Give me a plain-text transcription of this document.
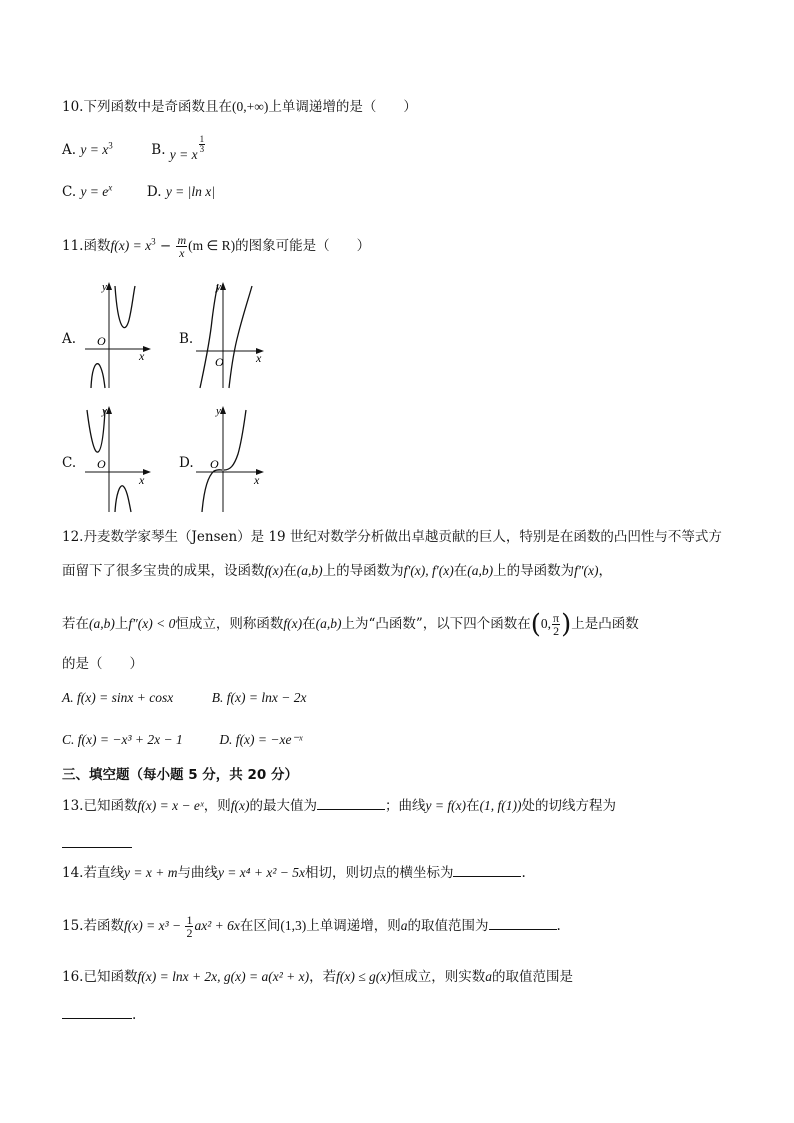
10.下列函数中是奇函数且在(0,+∞)上单调递增的是（　　）
A. $y = x^3$	B. y = x
$\frac{1}{3}$
C. $y = e^x$	D. y = |ln x|
11.函数$f(x) = x^3 - \frac{m}{x} (m$ ∈ R)的图象可能是（　　）
A.
y
x
O	B.
y
x
O
C.
y
x
O	D.
y
x
O
12.丹麦数学家琴生（Jensen）是 19 世纪对数学分析做出卓越贡献的巨人，特别是在函数的凸凹性与不等式方
面留下了很多宝贵的成果，设函数f(x)在(a,b)上的导函数为f′(x), f′(x)在(a,b)上的导函数为f″(x)，
若在(a,b)上f″(x) < 0恒成立，则称函数f(x)在(a,b)上为“凸函数”，以下四个函数在(0, $\frac{\pi}{2}$ )上是凸函数
的是（　　）
A. f(x) = sinx + cosx	B. f(x) = lnx − 2x
C. f(x) = −x³ + 2x − 1	D. f(x) = −xe⁻ˣ
三、填空题（每小题 5 分，共 20 分）
13.已知函数f(x) = x − eˣ，则f(x)的最大值为	；曲线y = f(x)在(1, f(1))处的切线方程为
14.若直线y = x + m与曲线y = x⁴ + x² − 5x相切，则切点的横坐标为	.
15.若函数$f(x) = x^3 - \frac{1}{2} ax^2 + 6x$在区间(1,3)上单调递增，则a的取值范围为	.
16.已知函数f(x) = lnx + 2x, g(x) = a(x² + x)，若f(x) ≤ g(x)恒成立，则实数a的取值范围是
.
